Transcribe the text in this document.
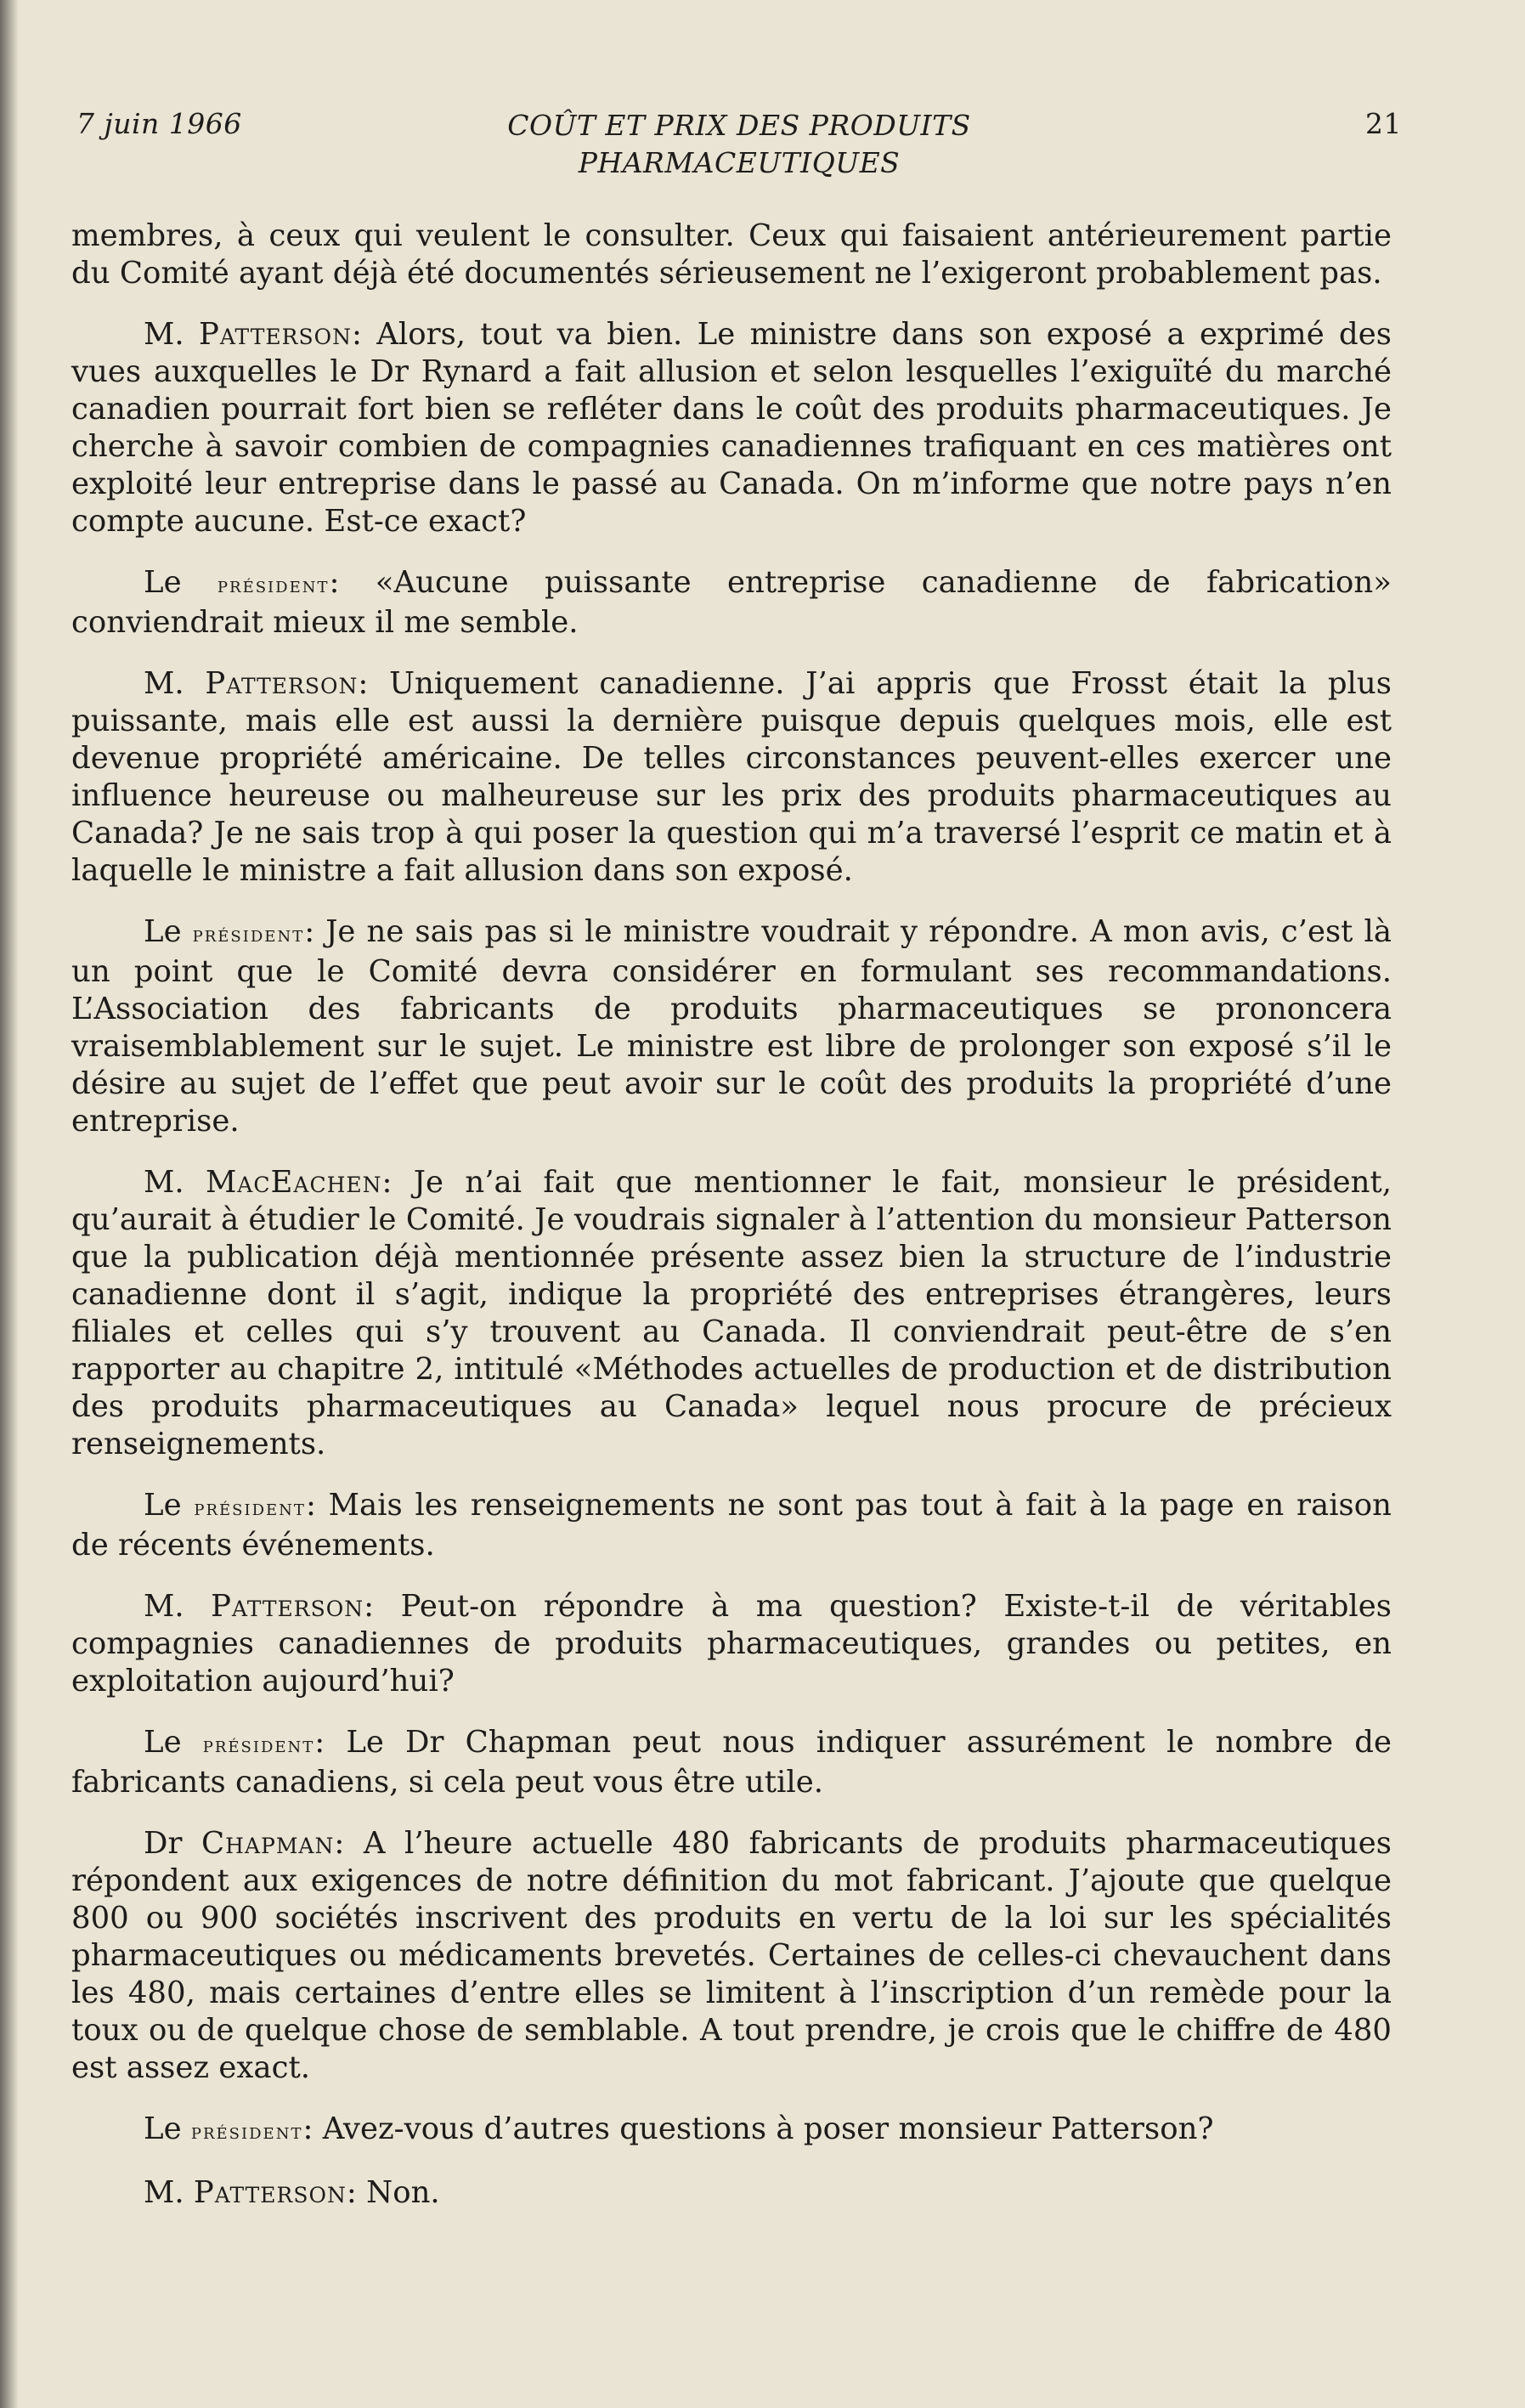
7 juin 1966	COÛT ET PRIX DES PRODUITS
PHARMACEUTIQUES
21

membres, à ceux qui veulent le consulter. Ceux qui faisaient antérieurement partie du Comité ayant déjà été documentés sérieusement ne l’exigeront probablement pas.

M. Patterson: Alors, tout va bien. Le ministre dans son exposé a exprimé des vues auxquelles le Dr Rynard a fait allusion et selon lesquelles l’exiguïté du marché canadien pourrait fort bien se refléter dans le coût des produits pharmaceutiques. Je cherche à savoir combien de compagnies canadiennes trafiquant en ces matières ont exploité leur entreprise dans le passé au Canada. On m’informe que notre pays n’en compte aucune. Est-ce exact?

Le président: «Aucune puissante entreprise canadienne de fabrication» conviendrait mieux il me semble.

M. Patterson: Uniquement canadienne. J’ai appris que Frosst était la plus puissante, mais elle est aussi la dernière puisque depuis quelques mois, elle est devenue propriété américaine. De telles circonstances peuvent-elles exercer une influence heureuse ou malheureuse sur les prix des produits pharmaceutiques au Canada? Je ne sais trop à qui poser la question qui m’a traversé l’esprit ce matin et à laquelle le ministre a fait allusion dans son exposé.

Le président: Je ne sais pas si le ministre voudrait y répondre. A mon avis, c’est là un point que le Comité devra considérer en formulant ses recommandations. L’Association des fabricants de produits pharmaceutiques se prononcera vraisemblablement sur le sujet. Le ministre est libre de prolonger son exposé s’il le désire au sujet de l’effet que peut avoir sur le coût des produits la propriété d’une entreprise.

M. MacEachen: Je n’ai fait que mentionner le fait, monsieur le président, qu’aurait à étudier le Comité. Je voudrais signaler à l’attention du monsieur Patterson que la publication déjà mentionnée présente assez bien la structure de l’industrie canadienne dont il s’agit, indique la propriété des entreprises étrangères, leurs filiales et celles qui s’y trouvent au Canada. Il conviendrait peut-être de s’en rapporter au chapitre 2, intitulé «Méthodes actuelles de production et de distribution des produits pharmaceutiques au Canada» lequel nous procure de précieux renseignements.

Le président: Mais les renseignements ne sont pas tout à fait à la page en raison de récents événements.

M. Patterson: Peut-on répondre à ma question? Existe-t-il de véritables compagnies canadiennes de produits pharmaceutiques, grandes ou petites, en exploitation aujourd’hui?

Le président: Le Dr Chapman peut nous indiquer assurément le nombre de fabricants canadiens, si cela peut vous être utile.

Dr Chapman: A l’heure actuelle 480 fabricants de produits pharmaceutiques répondent aux exigences de notre définition du mot fabricant. J’ajoute que quelque 800 ou 900 sociétés inscrivent des produits en vertu de la loi sur les spécialités pharmaceutiques ou médicaments brevetés. Certaines de celles-ci chevauchent dans les 480, mais certaines d’entre elles se limitent à l’inscription d’un remède pour la toux ou de quelque chose de semblable. A tout prendre, je crois que le chiffre de 480 est assez exact.

Le président: Avez-vous d’autres questions à poser monsieur Patterson?

M. Patterson: Non.
